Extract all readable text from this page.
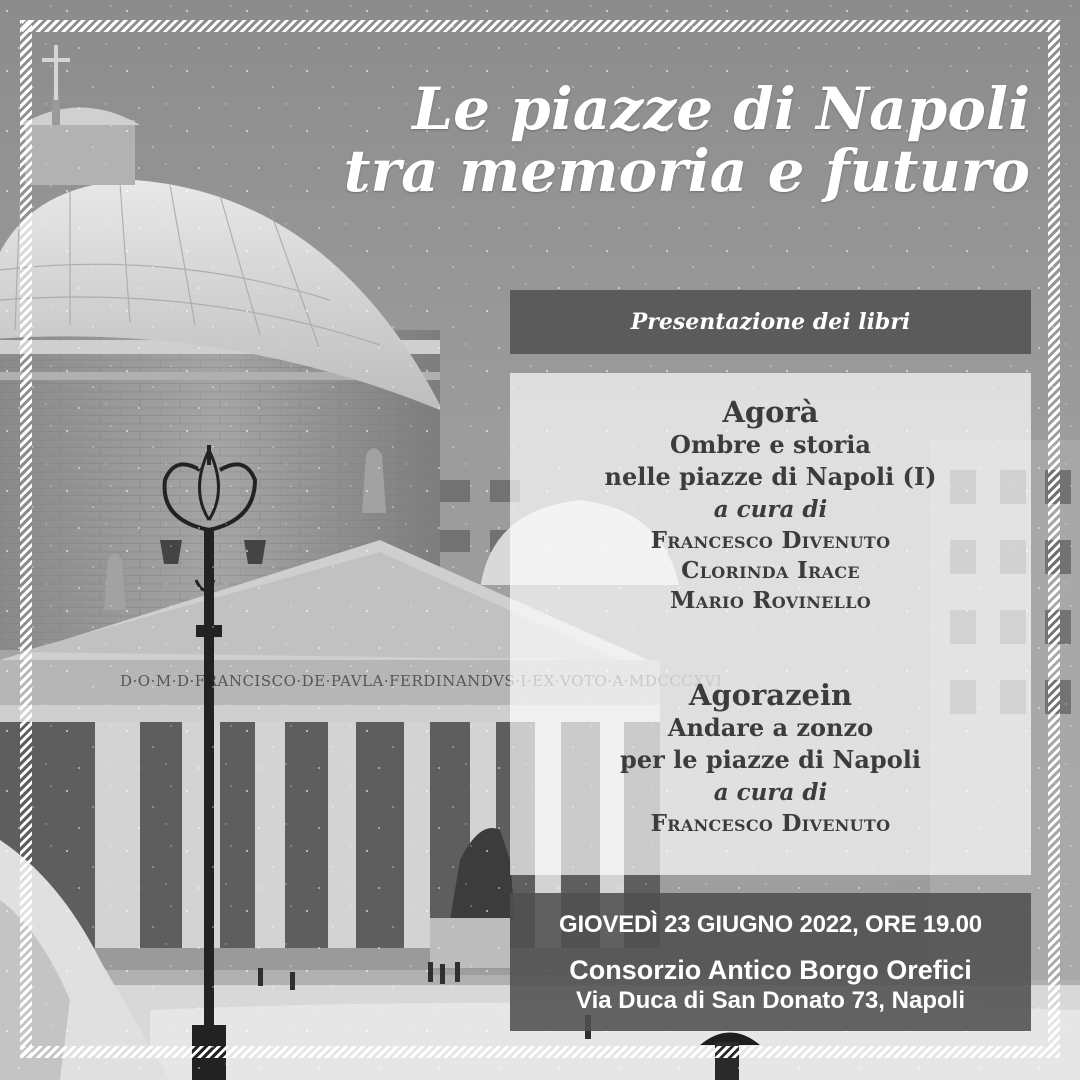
Le piazze di Napoli
tra memoria e futuro
Presentazione dei libri
Agorà
Ombre e storia
nelle piazze di Napoli (I)
a cura di
Francesco Divenuto
Clorinda Irace
Mario Rovinello
Agorazein
Andare a zonzo
per le piazze di Napoli
a cura di
Francesco Divenuto
GIOVEDÌ 23 GIUGNO 2022, ORE 19.00
Consorzio Antico Borgo Orefici
Via Duca di San Donato 73, Napoli
